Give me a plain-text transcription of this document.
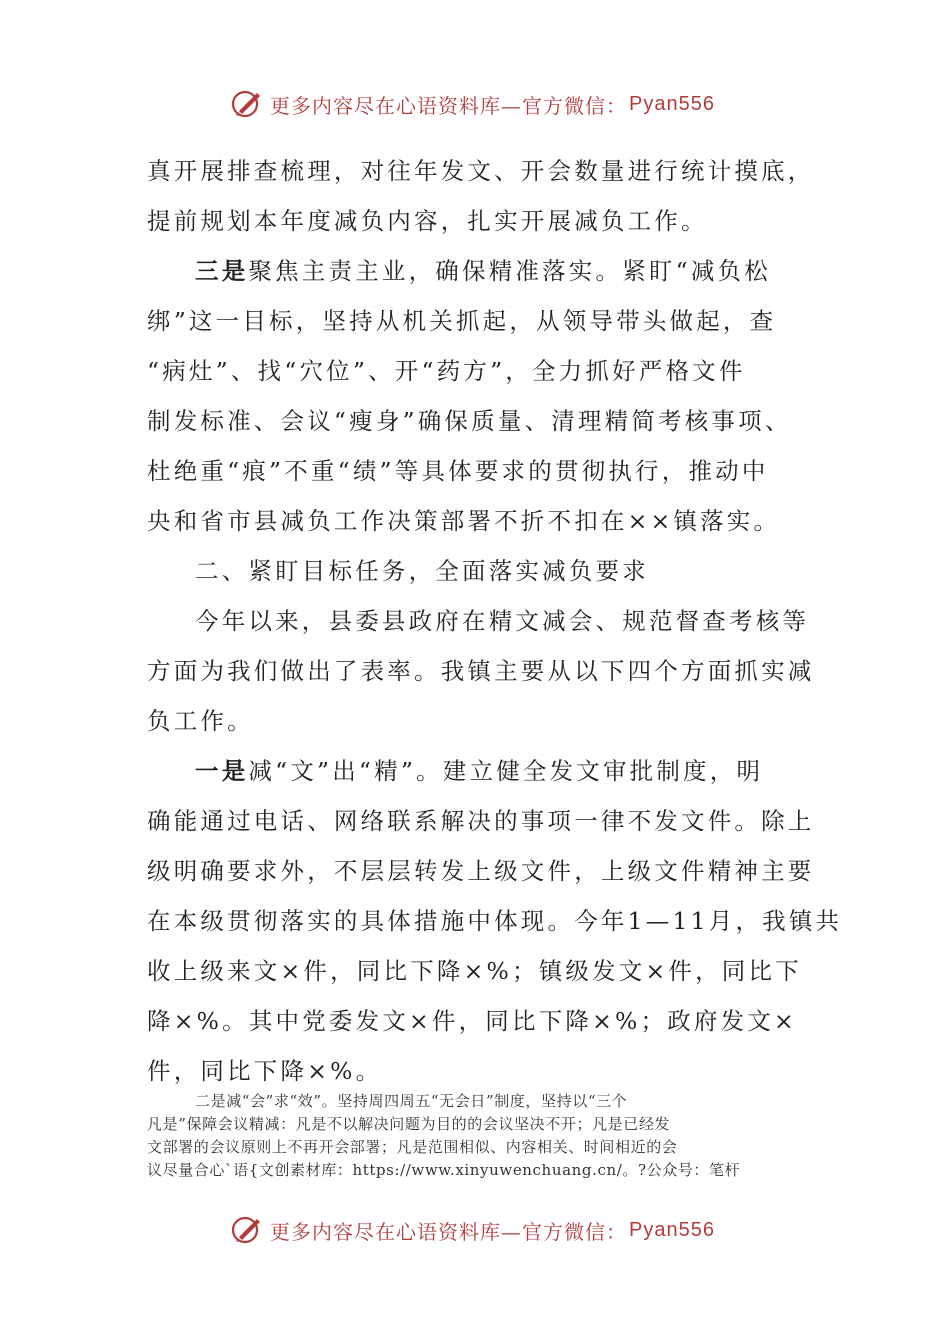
更多内容尽在心语资料库 —官方微信： Pyan556
真开展排查梳理，对往年发文、开会数量进行统计摸底，
提前规划本年度减负内容，扎实开展减负工作。
三是聚焦主责主业，确保精准落实。紧盯“减负松
绑”这一目标，坚持从机关抓起，从领导带头做起，查
“病灶”、找“穴位”、开“药方”，全力抓好严格文件
制发标准、会议“瘦身”确保质量、清理精简考核事项、
杜绝重“痕”不重“绩”等具体要求的贯彻执行，推动中
央和省市县减负工作决策部署不折不扣在××镇落实。
二、紧盯目标任务，全面落实减负要求
今年以来，县委县政府在精文减会、规范督查考核等
方面为我们做出了表率。我镇主要从以下四个方面抓实减
负工作。
一是减“文”出“精”。建立健全发文审批制度，明
确能通过电话、网络联系解决的事项一律不发文件。除上
级明确要求外，不层层转发上级文件，上级文件精神主要
在本级贯彻落实的具体措施中体现。今年1—11月，我镇共
收上级来文×件，同比下降×%；镇级发文×件，同比下
降×%。其中党委发文×件，同比下降×%；政府发文×
件，同比下降×%。

二是减“会”求“效”。坚持周四周五“无会日”制度，坚持以“三个

凡是”保障会议精减：凡是不以解决问题为目的的会议坚决不开；凡是已经发

文部署的会议原则上不再开会部署；凡是范围相似、内容相关、时间相近的会

议尽量合心`语{文创素材库：https://www.xinyuwenchuang.cn/。?公众号：笔杆

更多内容尽在心语资料库 —官方微信： Pyan556
